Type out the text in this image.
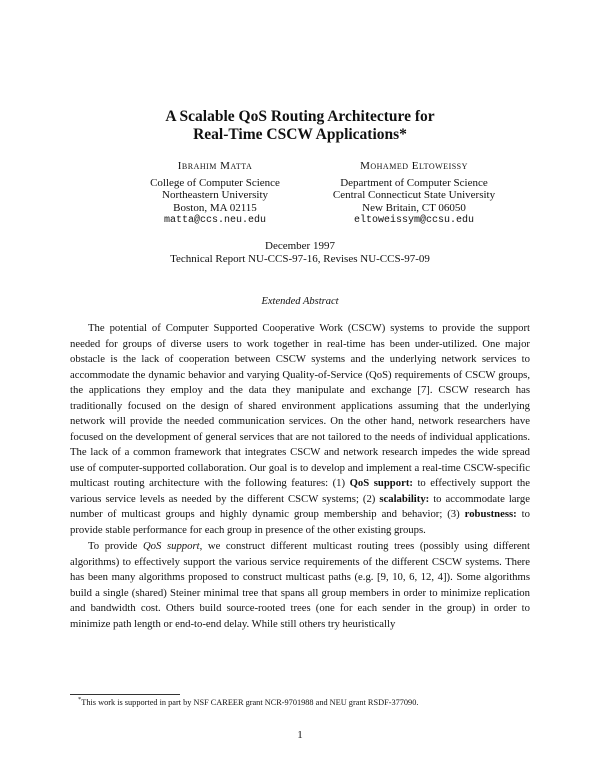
A Scalable QoS Routing Architecture for
Real-Time CSCW Applications*
Ibrahim Matta
College of Computer Science
Northeastern University
Boston, MA 02115
matta@ccs.neu.edu
Mohamed Eltoweissy
Department of Computer Science
Central Connecticut State University
New Britain, CT 06050
eltoweissym@ccsu.edu
December 1997
Technical Report NU-CCS-97-16, Revises NU-CCS-97-09
Extended Abstract

The potential of Computer Supported Cooperative Work (CSCW) systems to provide the support needed for groups of diverse users to work together in real-time has been under-utilized. One major obstacle is the lack of cooperation between CSCW systems and the underlying network services to accommodate the dynamic behavior and varying Quality-of-Service (QoS) requirements of CSCW groups, the applications they employ and the data they manipulate and exchange [7]. CSCW research has traditionally focused on the design of shared environment applications assuming that the underlying network will provide the needed communication services. On the other hand, network researchers have focused on the development of general services that are not tailored to the needs of individual applications. The lack of a common framework that integrates CSCW and network research impedes the wide spread use of computer-supported collaboration. Our goal is to develop and implement a real-time CSCW-specific multicast routing architecture with the following features: (1) QoS support: to effectively support the various service levels as needed by the different CSCW systems; (2) scalability: to accommodate large number of multicast groups and highly dynamic group membership and behavior; (3) robustness: to provide stable performance for each group in presence of the other existing groups.

To provide QoS support, we construct different multicast routing trees (possibly using different algorithms) to effectively support the various service requirements of the different CSCW systems. There has been many algorithms proposed to construct multicast paths (e.g. [9, 10, 6, 12, 4]). Some algorithms build a single (shared) Steiner minimal tree that spans all group members in order to minimize replication and bandwidth cost. Others build source-rooted trees (one for each sender in the group) in order to minimize path length or end-to-end delay. While still others try heuristically

*This work is supported in part by NSF CAREER grant NCR-9701988 and NEU grant RSDF-377090.
1
